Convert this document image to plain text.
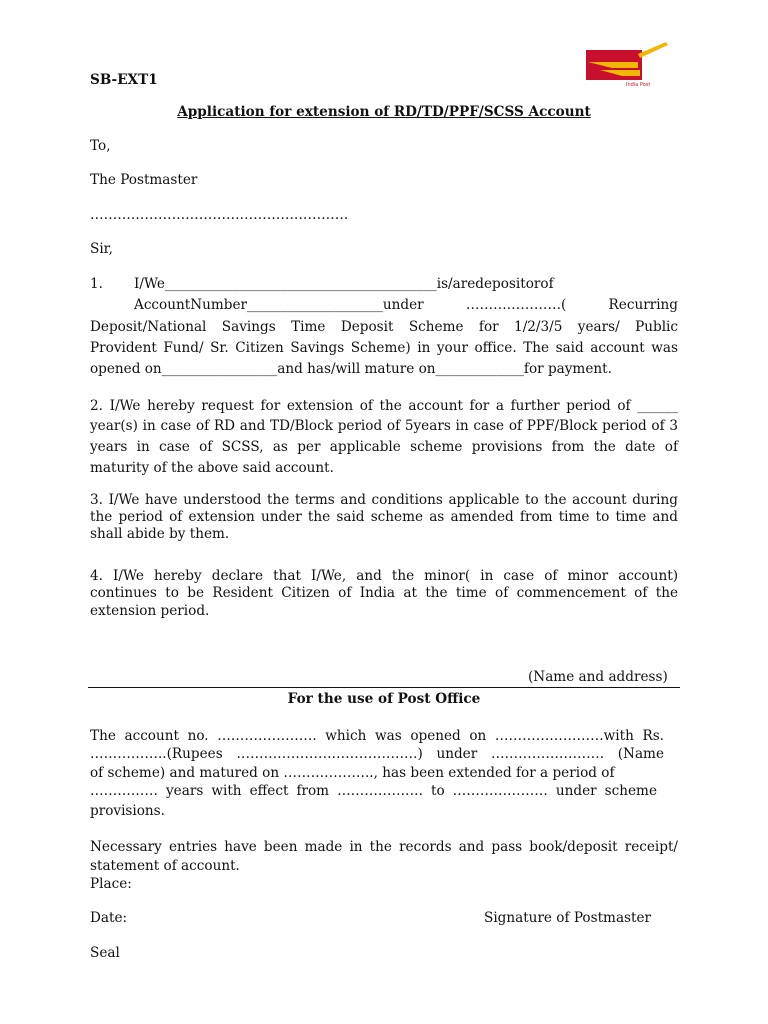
भारतीय डाक
India Post
SB-EXT1
Application for extension of RD/TD/PPF/SCSS Account
To,
The Postmaster
…………………………………………………
Sir,
1. I/We________________________________________is/aredepositorof
AccountNumber____________________under …………………( Recurring
Deposit/National Savings Time Deposit Scheme for 1/2/3/5 years/ Public
Provident Fund/ Sr. Citizen Savings Scheme) in your office. The said account was
opened on_________________and has/will mature on_____________for payment.
2. I/We hereby request for extension of the account for a further period of ______
year(s) in case of RD and TD/Block period of 5years in case of PPF/Block period of 3
years in case of SCSS, as per applicable scheme provisions from the date of
maturity of the above said account.
3. I/We have understood the terms and conditions applicable to the account during
the period of extension under the said scheme as amended from time to time and
shall abide by them.
4. I/We hereby declare that I/We, and the minor( in case of minor account)
continues to be Resident Citizen of India at the time of commencement of the
extension period.
(Name and address)
For the use of Post Office
The account no. …………………. which was opened on ……………………with Rs.
……………..(Rupees ………………………………….) under ……………………. (Name
of scheme) and matured on ……………….., has been extended for a period of
…………… years with effect from ………………. to ………………… under scheme
provisions.
Necessary entries have been made in the records and pass book/deposit receipt/
statement of account.
Place:
Date:	Signature of Postmaster
Seal
